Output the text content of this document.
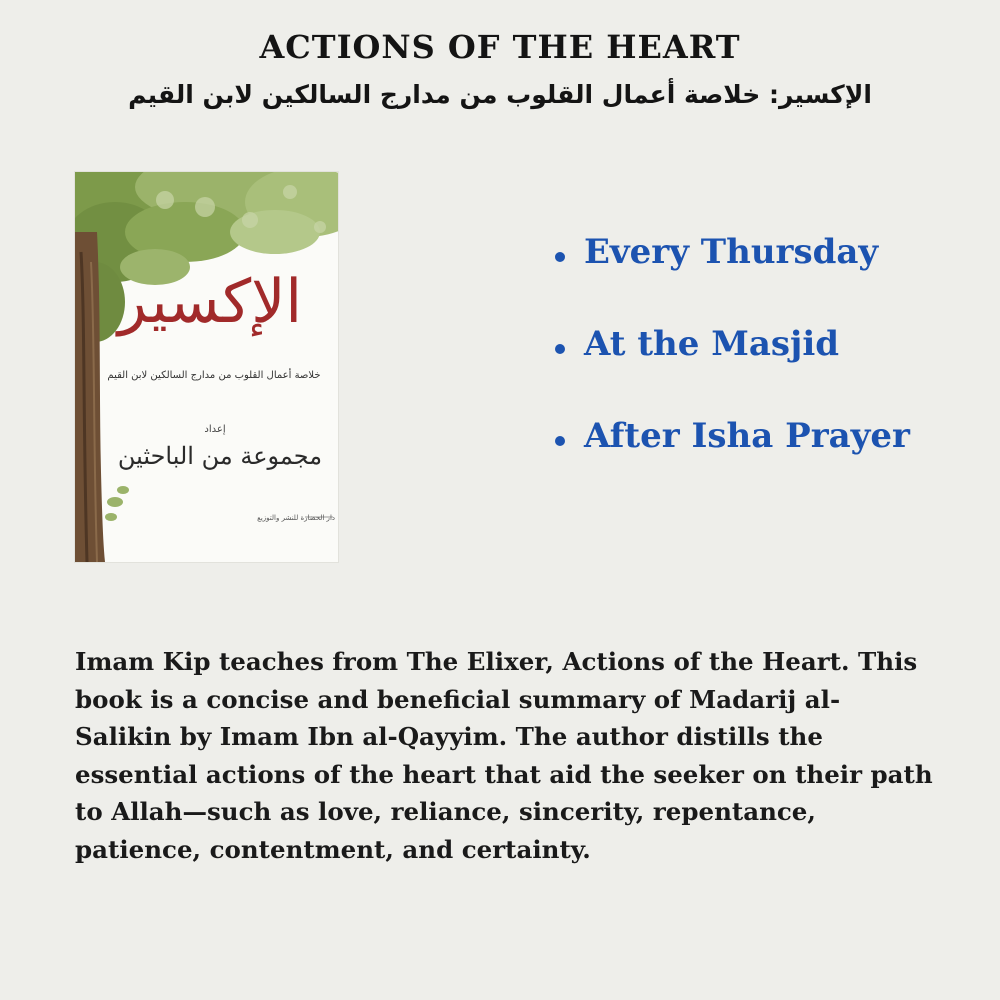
ACTIONS OF THE HEART
الإكسير: خلاصة أعمال القلوب من مدارج السالكين لابن القيم
الإكسير
خلاصة أعمال القلوب من مدارج السالكين لابن القيم
إعداد
مجموعة من الباحثين
دار الحضارة للنشر والتوزيع
Every Thursday
At the Masjid
After Isha Prayer

Imam Kip teaches from The Elixer, Actions of the Heart. This book is a concise and beneficial summary of Madarij al-Salikin by Imam Ibn al-Qayyim. The author distills the essential actions of the heart that aid the seeker on their path to Allah—such as love, reliance, sincerity, repentance, patience, contentment, and certainty.
